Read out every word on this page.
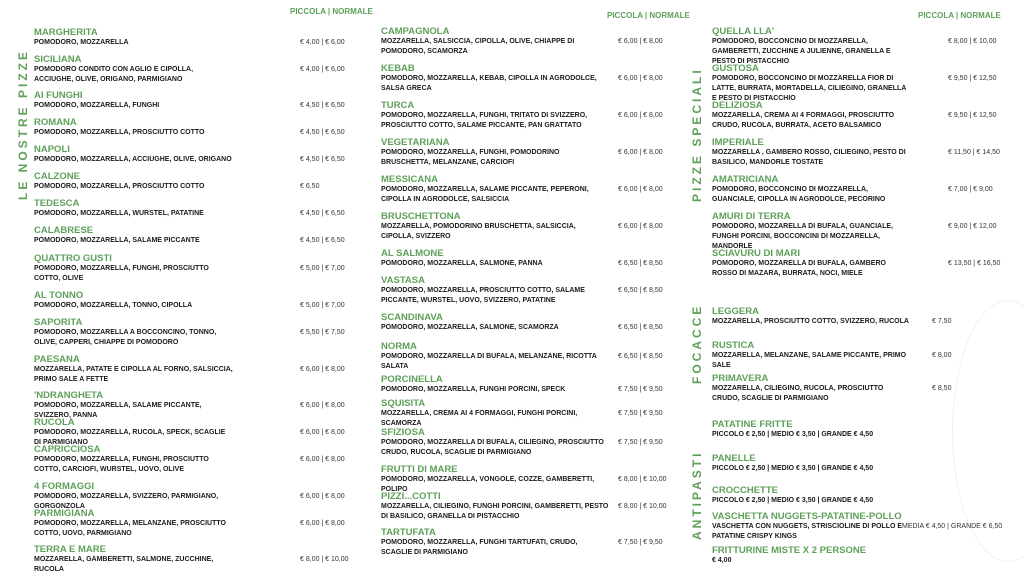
LE NOSTRE PIZZE	PIZZE SPECIALI
FOCACCE
ANTIPASTI
PICCOLA | NORMALE	PICCOLA | NORMALE	PICCOLA | NORMALE
MARGHERITA
POMODORO, MOZZARELLA	€ 4,00 | € 6,00
SICILIANA
POMODORO CONDITO CON AGLIO E CIPOLLA, ACCIUGHE, OLIVE, ORIGANO, PARMIGIANO
€ 4,00 | € 6,00
AI FUNGHI
POMODORO, MOZZARELLA, FUNGHI	€ 4,50 | € 6,50
ROMANA
POMODORO, MOZZARELLA, PROSCIUTTO COTTO	€ 4,50 | € 6,50
NAPOLI
POMODORO, MOZZARELLA, ACCIUGHE, OLIVE, ORIGANO	€ 4,50 | € 6,50
CALZONE
POMODORO, MOZZARELLA, PROSCIUTTO COTTO	€ 6,50
TEDESCA
POMODORO, MOZZARELLA, WURSTEL, PATATINE	€ 4,50 | € 6,50
CALABRESE
POMODORO, MOZZARELLA, SALAME PICCANTE	€ 4,50 | € 6,50
QUATTRO GUSTI
POMODORO, MOZZARELLA, FUNGHI, PROSCIUTTO COTTO, OLIVE
€ 5,00 | € 7,00
AL TONNO
POMODORO, MOZZARELLA, TONNO, CIPOLLA	€ 5,00 | € 7,00
SAPORITA
POMODORO, MOZZARELLA A BOCCONCINO, TONNO, OLIVE, CAPPERI, CHIAPPE DI POMODORO
€ 5,50 | € 7,50
PAESANA
MOZZARELLA, PATATE E CIPOLLA AL FORNO, SALSICCIA, PRIMO SALE A FETTE
€ 6,00 | € 8,00
'NDRANGHETA
POMODORO, MOZZARELLA, SALAME PICCANTE, SVIZZERO, PANNA
€ 6,00 | € 8,00
RUCOLA
POMODORO, MOZZARELLA, RUCOLA, SPECK, SCAGLIE DI PARMIGIANO
€ 6,00 | € 8,00
CAPRICCIOSA
POMODORO, MOZZARELLA, FUNGHI, PROSCIUTTO COTTO, CARCIOFI, WURSTEL, UOVO, OLIVE
€ 6,00 | € 8,00
4 FORMAGGI
POMODORO, MOZZARELLA, SVIZZERO, PARMIGIANO, GORGONZOLA
€ 6,00 | € 8,00
PARMIGIANA
POMODORO, MOZZARELLA, MELANZANE, PROSCIUTTO COTTO, UOVO, PARMIGIANO
€ 6,00 | € 8,00
TERRA E MARE
MOZZARELLA, GAMBERETTI, SALMONE, ZUCCHINE, RUCOLA
€ 8,00 | € 10,00
CAMPAGNOLA
MOZZARELLA, SALSICCIA, CIPOLLA, OLIVE, CHIAPPE DI POMODORO, SCAMORZA
€ 6,00 | € 8,00
KEBAB
POMODORO, MOZZARELLA, KEBAB, CIPOLLA IN AGRODOLCE, SALSA GRECA
€ 6,00 | € 8,00
TURCA
POMODORO, MOZZARELLA, FUNGHI, TRITATO DI SVIZZERO, PROSCIUTTO COTTO, SALAME PICCANTE, PAN GRATTATO
€ 6,00 | € 8,00
VEGETARIANA
POMODORO, MOZZARELLA, FUNGHI, POMODORINO BRUSCHETTA, MELANZANE, CARCIOFI
€ 6,00 | € 8,00
MESSICANA
POMODORO, MOZZARELLA, SALAME PICCANTE, PEPERONI, CIPOLLA IN AGRODOLCE, SALSICCIA
€ 6,00 | € 8,00
BRUSCHETTONA
MOZZARELLA, POMODORINO BRUSCHETTA, SALSICCIA, CIPOLLA, SVIZZERO
€ 6,00 | € 8,00
AL SALMONE
POMODORO, MOZZARELLA, SALMONE, PANNA	€ 6,50 | € 8,50
VASTASA
POMODORO, MOZZARELLA, PROSCIUTTO COTTO, SALAME PICCANTE, WURSTEL, UOVO, SVIZZERO, PATATINE
€ 6,50 | € 8,50
SCANDINAVA
POMODORO, MOZZARELLA, SALMONE, SCAMORZA	€ 6,50 | € 8,50
NORMA
POMODORO, MOZZARELLA DI BUFALA, MELANZANE, RICOTTA SALATA
€ 6,50 | € 8,50
PORCINELLA
POMODORO, MOZZARELLA, FUNGHI PORCINI, SPECK	€ 7,50 | € 9,50
SQUISITA
MOZZARELLA, CREMA AI 4 FORMAGGI, FUNGHI PORCINI, SCAMORZA
€ 7,50 | € 9,50
SFIZIOSA
POMODORO, MOZZARELLA DI BUFALA, CILIEGINO, PROSCIUTTO CRUDO, RUCOLA, SCAGLIE DI PARMIGIANO
€ 7,50 | € 9,50
FRUTTI DI MARE
POMODORO, MOZZARELLA, VONGOLE, COZZE, GAMBERETTI, POLIPO
€ 8,00 | € 10,00
PIZZI...COTTI
MOZZARELLA, CILIEGINO, FUNGHI PORCINI, GAMBERETTI, PESTO DI BASILICO, GRANELLA DI PISTACCHIO
€ 8,00 | € 10,00
TARTUFATA
POMODORO, MOZZARELLA, FUNGHI TARTUFATI, CRUDO, SCAGLIE DI PARMIGIANO
€ 7,50 | € 9,50
QUELLA LLA'
POMODORO, BOCCONCINO DI MOZZARELLA, GAMBERETTI, ZUCCHINE A JULIENNE, GRANELLA E PESTO DI PISTACCHIO
€ 8,00 | € 10,00
GUSTOSA
POMODORO, BOCCONCINO DI MOZZARELLA FIOR DI LATTE, BURRATA, MORTADELLA, CILIEGINO, GRANELLA E PESTO DI PISTACCHIO
€ 9,50 | € 12,50
DELIZIOSA
MOZZARELLA, CREMA AI 4 FORMAGGI, PROSCIUTTO CRUDO, RUCOLA, BURRATA, ACETO BALSAMICO
€ 9,50 | € 12,50
IMPERIALE
MOZZARELLA , GAMBERO ROSSO, CILIEGINO, PESTO DI BASILICO, MANDORLE TOSTATE
€ 11,50 | € 14,50
AMATRICIANA
POMODORO, BOCCONCINO DI MOZZARELLA, GUANCIALE, CIPOLLA IN AGRODOLCE, PECORINO
€ 7,00 | € 9,00
AMURI DI TERRA
POMODORO, MOZZARELLA DI BUFALA, GUANCIALE, FUNGHI PORCINI, BOCCONCINI DI MOZZARELLA, MANDORLE
€ 9,00 | € 12,00
SCIAVURU DI MARI
POMODORO, MOZZARELLA DI BUFALA, GAMBERO ROSSO DI MAZARA, BURRATA, NOCI, MIELE
€ 13,50 | € 16,50
LEGGERA
MOZZARELLA, PROSCIUTTO COTTO, SVIZZERO, RUCOLA	€ 7,50
RUSTICA
MOZZARELLA, MELANZANE, SALAME PICCANTE, PRIMO SALE
€ 8,00
PRIMAVERA
MOZZARELLA, CILIEGINO, RUCOLA, PROSCIUTTO CRUDO, SCAGLIE DI PARMIGIANO
€ 8,50
PATATINE FRITTE
PICCOLO € 2,50 | MEDIO € 3,50 | GRANDE € 4,50
PANELLE
PICCOLO € 2,50 | MEDIO € 3,50 | GRANDE € 4,50
CROCCHETTE
PICCOLO € 2,50 | MEDIO € 3,50 | GRANDE € 4,50
VASCHETTA NUGGETS-PATATINE-POLLO
VASCHETTA CON NUGGETS, STRISCIOLINE DI POLLO E PATATINE CRISPY KINGS
MEDIA € 4,50 | GRANDE € 6,50
FRITTURINE MISTE X 2 PERSONE
€ 4,00
